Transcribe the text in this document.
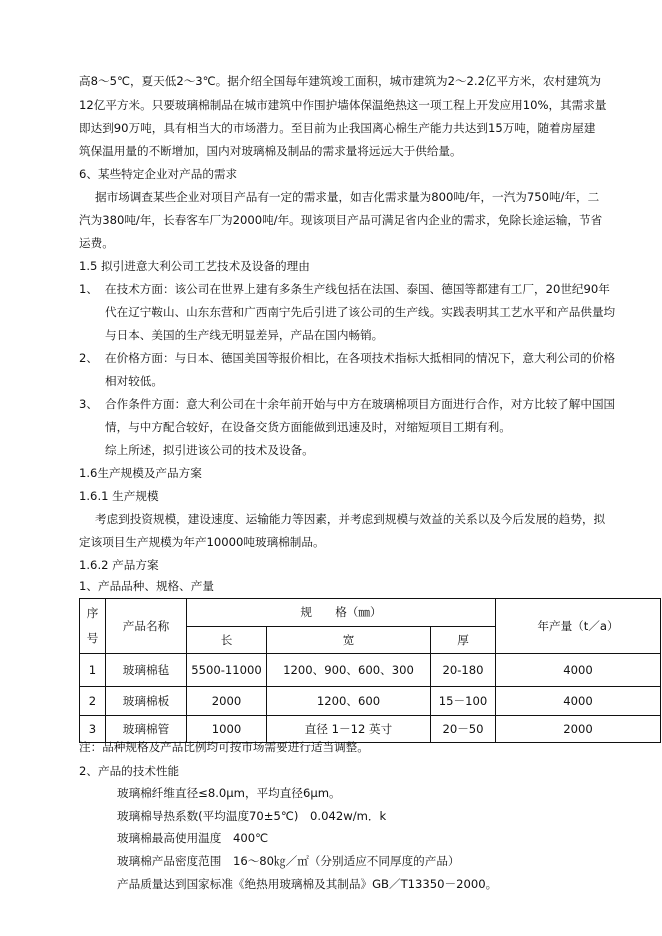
高8～5℃，夏天低2～3℃。据介绍全国每年建筑竣工面积，城市建筑为2～2.2亿平方米，农村建筑为
12亿平方米。只要玻璃棉制品在城市建筑中作围护墙体保温绝热这一项工程上开发应用10%，其需求量
即达到90万吨，具有相当大的市场潜力。至目前为止我国离心棉生产能力共达到15万吨，随着房屋建
筑保温用量的不断增加，国内对玻璃棉及制品的需求量将远远大于供给量。
6、某些特定企业对产品的需求
据市场调查某些企业对项目产品有一定的需求量，如吉化需求量为800吨/年，一汽为750吨/年，二
汽为380吨/年，长春客车厂为2000吨/年。现该项目产品可满足省内企业的需求，免除长途运输，节省
运费。
1.5 拟引进意大利公司工艺技术及设备的理由
1、 在技术方面：该公司在世界上建有多条生产线包括在法国、泰国、德国等都建有工厂，20世纪90年
代在辽宁鞍山、山东东营和广西南宁先后引进了该公司的生产线。实践表明其工艺水平和产品供量均
与日本、美国的生产线无明显差异，产品在国内畅销。
2、 在价格方面：与日本、德国美国等报价相比，在各项技术指标大抵相同的情况下，意大利公司的价格
相对较低。
3、 合作条件方面：意大利公司在十余年前开始与中方在玻璃棉项目方面进行合作，对方比较了解中国国
情，与中方配合较好，在设备交货方面能做到迅速及时，对缩短项目工期有利。
综上所述，拟引进该公司的技术及设备。
1.6生产规模及产品方案
1.6.1 生产规模
考虑到投资规模，建设速度、运输能力等因素，并考虑到规模与效益的关系以及今后发展的趋势，拟
定该项目生产规模为年产10000吨玻璃棉制品。
1.6.2 产品方案
1、产品品种、规格、产量
序
号	产品名称	规　　格（㎜）			年产量（t／a）
		长	宽	厚	
1	玻璃棉毡	5500-11000	1200、900、600、300	20-180	4000
2	玻璃棉板	2000	1200、600	15－100	4000
3	玻璃棉管	1000	直径 1－12 英寸	20－50	2000
注：品种规格及产品比例均可按市场需要进行适当调整。
2、产品的技术性能
玻璃棉纤维直径≤8.0μm，平均直径6μm。
玻璃棉导热系数(平均温度70±5℃)　0.042w/m．k
玻璃棉最高使用温度　400℃
玻璃棉产品密度范围　16～80㎏／㎡（分别适应不同厚度的产品）
产品质量达到国家标准《绝热用玻璃棉及其制品》GB／T13350－2000。
